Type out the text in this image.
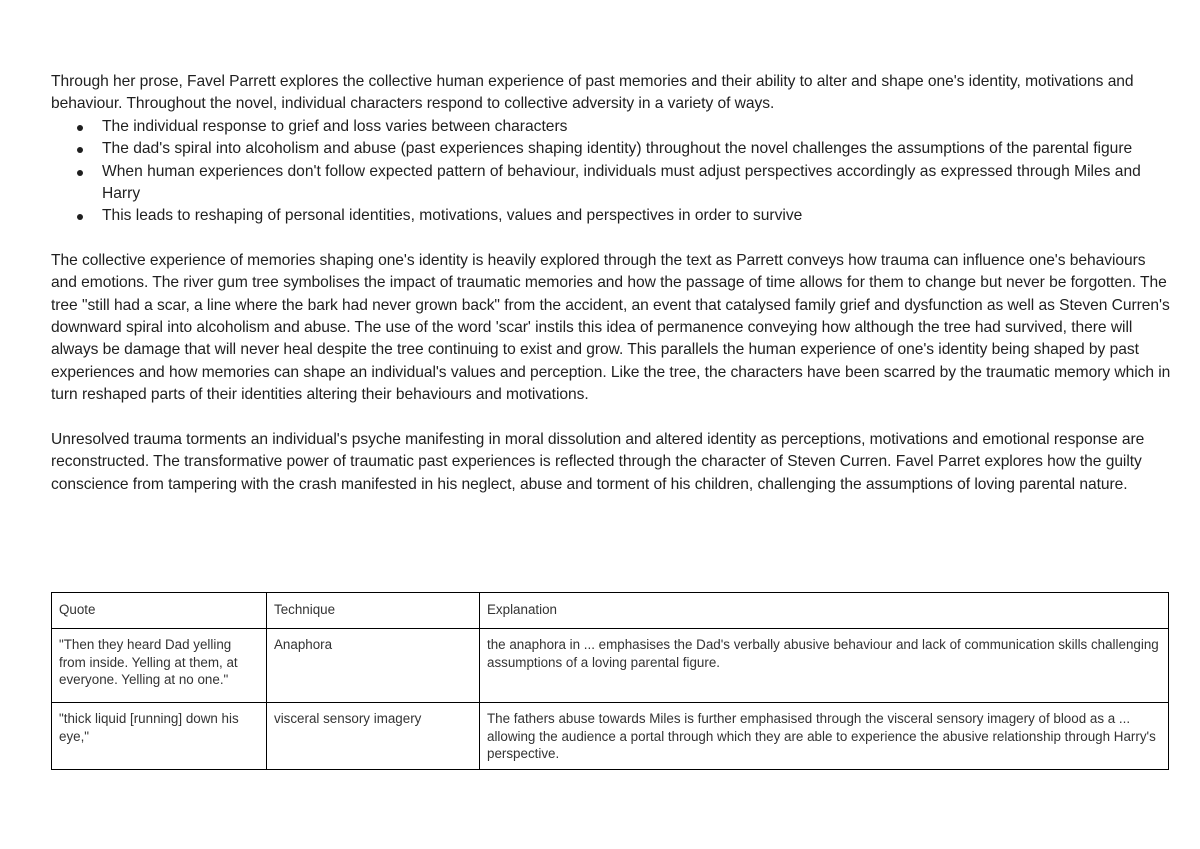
Through her prose, Favel Parrett explores the collective human experience of past memories and their ability to alter and shape one's identity, motivations and behaviour. Throughout the novel, individual characters respond to collective adversity in a variety of ways.

The individual response to grief and loss varies between characters
The dad's spiral into alcoholism and abuse (past experiences shaping identity) throughout the novel challenges the assumptions of the parental figure
When human experiences don't follow expected pattern of behaviour, individuals must adjust perspectives accordingly as expressed through Miles and Harry
This leads to reshaping of personal identities, motivations, values and perspectives in order to survive

The collective experience of memories shaping one's identity is heavily explored through the text as Parrett conveys how trauma can influence one's behaviours and emotions. The river gum tree symbolises the impact of traumatic memories and how the passage of time allows for them to change but never be forgotten. The tree "still had a scar, a line where the bark had never grown back" from the accident, an event that catalysed family grief and dysfunction as well as Steven Curren's downward spiral into alcoholism and abuse. The use of the word 'scar' instils this idea of permanence conveying how although the tree had survived, there will always be damage that will never heal despite the tree continuing to exist and grow. This parallels the human experience of one's identity being shaped by past experiences and how memories can shape an individual's values and perception. Like the tree, the characters have been scarred by the traumatic memory which in turn reshaped parts of their identities altering their behaviours and motivations.

Unresolved trauma torments an individual's psyche manifesting in moral dissolution and altered identity as perceptions, motivations and emotional response are reconstructed. The transformative power of traumatic past experiences is reflected through the character of Steven Curren. Favel Parret explores how the guilty conscience from tampering with the crash manifested in his neglect, abuse and torment of his children, challenging the assumptions of loving parental nature.

Quote	Technique	Explanation
"Then they heard Dad yelling from inside. Yelling at them, at everyone. Yelling at no one."	Anaphora	the anaphora in ... emphasises the Dad's verbally abusive behaviour and lack of communication skills challenging assumptions of a loving parental figure.
"thick liquid [running] down his eye,"	visceral sensory imagery	The fathers abuse towards Miles is further emphasised through the visceral sensory imagery of blood as a ... allowing the audience a portal through which they are able to experience the abusive relationship through Harry's perspective.
